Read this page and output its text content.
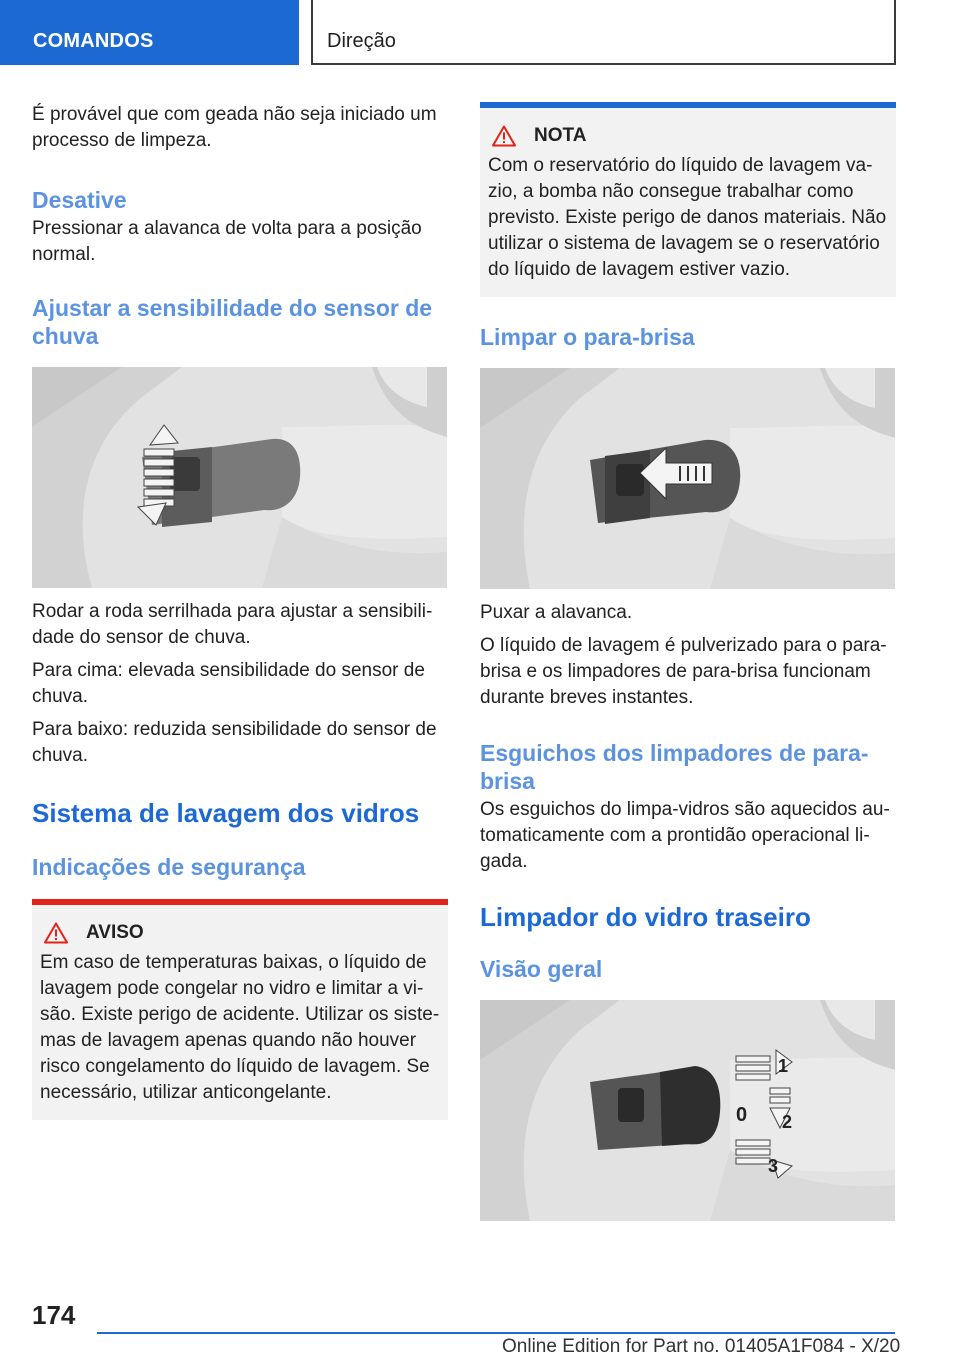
COMANDOS	Direção

É provável que com geada não seja iniciado um processo de limpeza.

Desative

Pressionar a alavanca de volta para a posição normal.

Ajustar a sensibilidade do sensor de chuva

Rodar a roda serrilhada para ajustar a sensibilidade do sensor de chuva.

Para cima: elevada sensibilidade do sensor de chuva.

Para baixo: reduzida sensibilidade do sensor de chuva.

Sistema de lavagem dos vidros
Indicações de segurança
AVISO

Em caso de temperaturas baixas, o líquido de lavagem pode congelar no vidro e limitar a visão. Existe perigo de acidente. Utilizar os sistemas de lavagem apenas quando não houver risco congelamento do líquido de lavagem. Se necessário, utilizar anticongelante.

NOTA

Com o reservatório do líquido de lavagem vazio, a bomba não consegue trabalhar como previsto. Existe perigo de danos materiais. Não utilizar o sistema de lavagem se o reservatório do líquido de lavagem estiver vazio.

Limpar o para-brisa

Puxar a alavanca.

O líquido de lavagem é pulverizado para o para-brisa e os limpadores de para-brisa funcionam durante breves instantes.

Esguichos dos limpadores de parabrisa

Os esguichos do limpa-vidros são aquecidos automaticamente com a prontidão operacional ligada.

Limpador do vidro traseiro
Visão geral
1
0 2
3
174
Online Edition for Part no. 01405A1F084 - X/20
